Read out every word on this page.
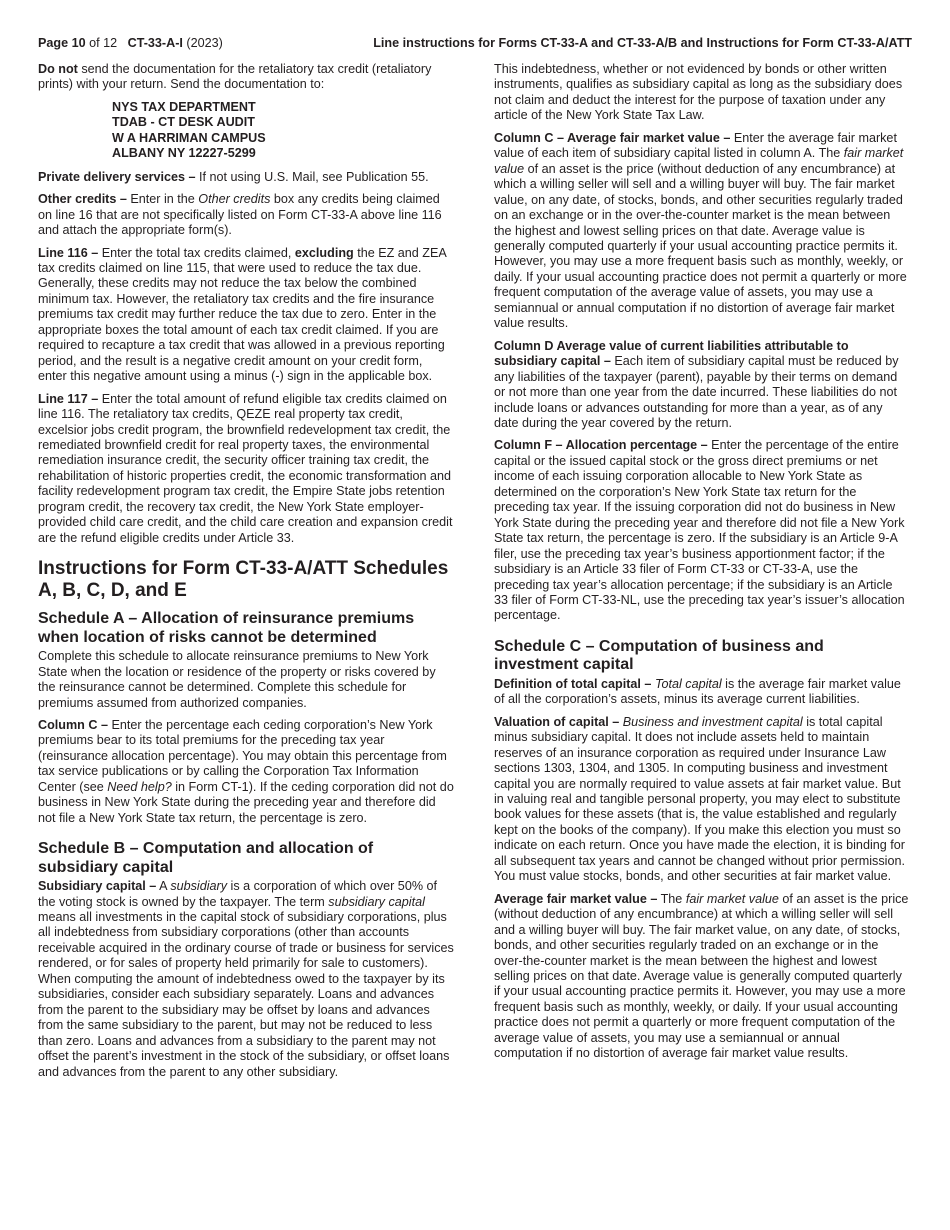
Page 10 of 12 CT-33-A-I (2023)	Line instructions for Forms CT-33-A and CT-33-A/B and Instructions for Form CT-33-A/ATT

Do not send the documentation for the retaliatory tax credit (retaliatory prints) with your return. Send the documentation to:

NYS TAX DEPARTMENT
TDAB - CT DESK AUDIT
W A HARRIMAN CAMPUS
ALBANY NY 12227-5299

Private delivery services – If not using U.S. Mail, see Publication 55.

Other credits – Enter in the Other credits box any credits being claimed on line 16 that are not specifically listed on Form CT-33-A above line 116 and attach the appropriate form(s).

Line 116 – Enter the total tax credits claimed, excluding the EZ and ZEA tax credits claimed on line 115, that were used to reduce the tax due. Generally, these credits may not reduce the tax below the combined minimum tax. However, the retaliatory tax credits and the fire insurance premiums tax credit may further reduce the tax due to zero. Enter in the appropriate boxes the total amount of each tax credit claimed. If you are required to recapture a tax credit that was allowed in a previous reporting period, and the result is a negative credit amount on your credit form, enter this negative amount using a minus (-) sign in the applicable box.

Line 117 – Enter the total amount of refund eligible tax credits claimed on line 116. The retaliatory tax credits, QEZE real property tax credit, excelsior jobs credit program, the brownfield redevelopment tax credit, the remediated brownfield credit for real property taxes, the environmental remediation insurance credit, the security officer training tax credit, the rehabilitation of historic properties credit, the economic transformation and facility redevelopment program tax credit, the Empire State jobs retention program credit, the recovery tax credit, the New York State employer-provided child care credit, and the child care creation and expansion credit are the refund eligible credits under Article 33.

Instructions for Form CT-33-A/ATT Schedules A, B, C, D, and E
Schedule A – Allocation of reinsurance premiums when location of risks cannot be determined

Complete this schedule to allocate reinsurance premiums to New York State when the location or residence of the property or risks covered by the reinsurance cannot be determined. Complete this schedule for premiums assumed from authorized companies.

Column C – Enter the percentage each ceding corporation’s New York premiums bear to its total premiums for the preceding tax year (reinsurance allocation percentage). You may obtain this percentage from tax service publications or by calling the Corporation Tax Information Center (see Need help? in Form CT-1). If the ceding corporation did not do business in New York State during the preceding year and therefore did not file a New York State tax return, the percentage is zero.

Schedule B – Computation and allocation of subsidiary capital

Subsidiary capital – A subsidiary is a corporation of which over 50% of the voting stock is owned by the taxpayer. The term subsidiary capital means all investments in the capital stock of subsidiary corporations, plus all indebtedness from subsidiary corporations (other than accounts receivable acquired in the ordinary course of trade or business for services rendered, or for sales of property held primarily for sale to customers). When computing the amount of indebtedness owed to the taxpayer by its subsidiaries, consider each subsidiary separately. Loans and advances from the parent to the subsidiary may be offset by loans and advances from the same subsidiary to the parent, but may not be reduced to less than zero. Loans and advances from a subsidiary to the parent may not offset the parent’s investment in the stock of the subsidiary, or offset loans and advances from the parent to any other subsidiary.

This indebtedness, whether or not evidenced by bonds or other written instruments, qualifies as subsidiary capital as long as the subsidiary does not claim and deduct the interest for the purpose of taxation under any article of the New York State Tax Law.

Column C – Average fair market value – Enter the average fair market value of each item of subsidiary capital listed in column A. The fair market value of an asset is the price (without deduction of any encumbrance) at which a willing seller will sell and a willing buyer will buy. The fair market value, on any date, of stocks, bonds, and other securities regularly traded on an exchange or in the over-the-counter market is the mean between the highest and lowest selling prices on that date. Average value is generally computed quarterly if your usual accounting practice permits it. However, you may use a more frequent basis such as monthly, weekly, or daily. If your usual accounting practice does not permit a quarterly or more frequent computation of the average value of assets, you may use a semiannual or annual computation if no distortion of average fair market value results.

Column D Average value of current liabilities attributable to subsidiary capital – Each item of subsidiary capital must be reduced by any liabilities of the taxpayer (parent), payable by their terms on demand or not more than one year from the date incurred. These liabilities do not include loans or advances outstanding for more than a year, as of any date during the year covered by the return.

Column F – Allocation percentage – Enter the percentage of the entire capital or the issued capital stock or the gross direct premiums or net income of each issuing corporation allocable to New York State as determined on the corporation’s New York State tax return for the preceding tax year. If the issuing corporation did not do business in New York State during the preceding year and therefore did not file a New York State tax return, the percentage is zero. If the subsidiary is an Article 9-A filer, use the preceding tax year’s business apportionment factor; if the subsidiary is an Article 33 filer of Form CT-33 or CT-33-A, use the preceding tax year’s allocation percentage; if the subsidiary is an Article 33 filer of Form CT-33-NL, use the preceding tax year’s issuer’s allocation percentage.

Schedule C – Computation of business and investment capital

Definition of total capital – Total capital is the average fair market value of all the corporation’s assets, minus its average current liabilities.

Valuation of capital – Business and investment capital is total capital minus subsidiary capital. It does not include assets held to maintain reserves of an insurance corporation as required under Insurance Law sections 1303, 1304, and 1305. In computing business and investment capital you are normally required to value assets at fair market value. But in valuing real and tangible personal property, you may elect to substitute book values for these assets (that is, the value established and regularly kept on the books of the company). If you make this election you must so indicate on each return. Once you have made the election, it is binding for all subsequent tax years and cannot be changed without prior permission. You must value stocks, bonds, and other securities at fair market value.

Average fair market value – The fair market value of an asset is the price (without deduction of any encumbrance) at which a willing seller will sell and a willing buyer will buy. The fair market value, on any date, of stocks, bonds, and other securities regularly traded on an exchange or in the over-the-counter market is the mean between the highest and lowest selling prices on that date. Average value is generally computed quarterly if your usual accounting practice permits it. However, you may use a more frequent basis such as monthly, weekly, or daily. If your usual accounting practice does not permit a quarterly or more frequent computation of the average value of assets, you may use a semiannual or annual computation if no distortion of average fair market value results.
